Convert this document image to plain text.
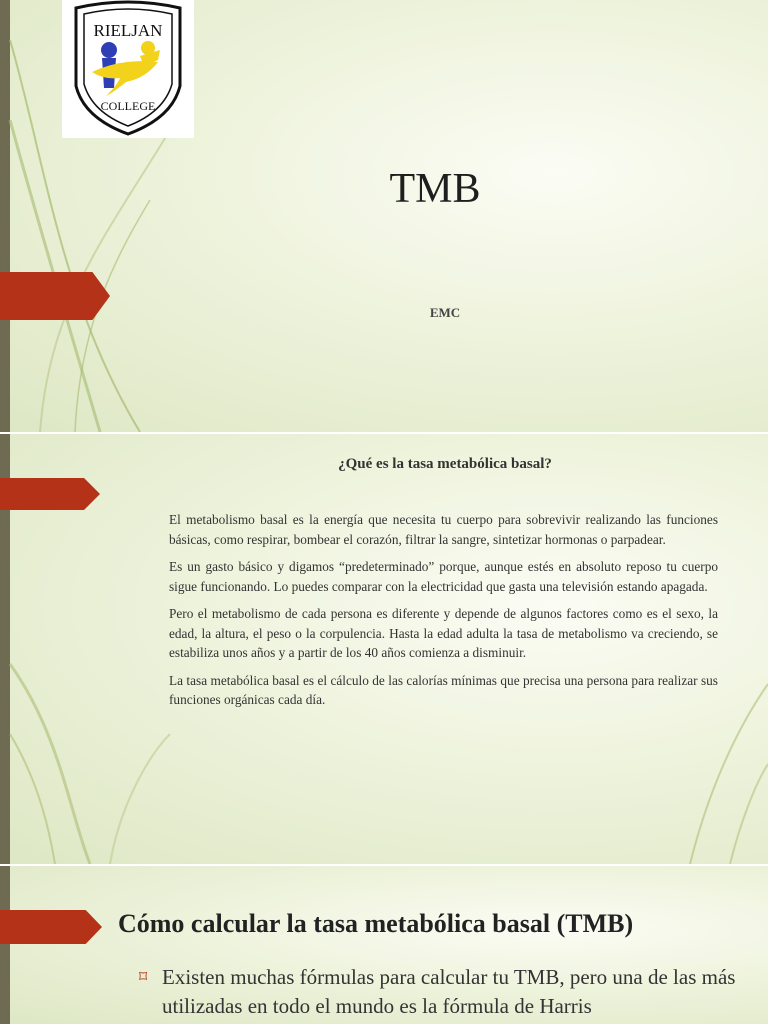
RIELJAN
COLLEGE
TMB
EMC
¿Qué es la tasa metabólica basal?

El metabolismo basal es la energía que necesita tu cuerpo para sobrevivir realizando las funciones básicas, como respirar, bombear el corazón, filtrar la sangre, sintetizar hormonas o parpadear.

Es un gasto básico y digamos “predeterminado” porque, aunque estés en absoluto reposo tu cuerpo sigue funcionando. Lo puedes comparar con la electricidad que gasta una televisión estando apagada.

Pero el metabolismo de cada persona es diferente y depende de algunos factores como es el sexo, la edad, la altura, el peso o la corpulencia. Hasta la edad adulta la tasa de metabolismo va creciendo, se estabiliza unos años y a partir de los 40 años comienza a disminuir.

La tasa metabólica basal es el cálculo de las calorías mínimas que precisa una persona para realizar sus funciones orgánicas cada día.

Cómo calcular la tasa metabólica basal (TMB)
⌑ Existen muchas fórmulas para calcular tu TMB, pero una de las más utilizadas en todo el mundo es la fórmula de Harris
